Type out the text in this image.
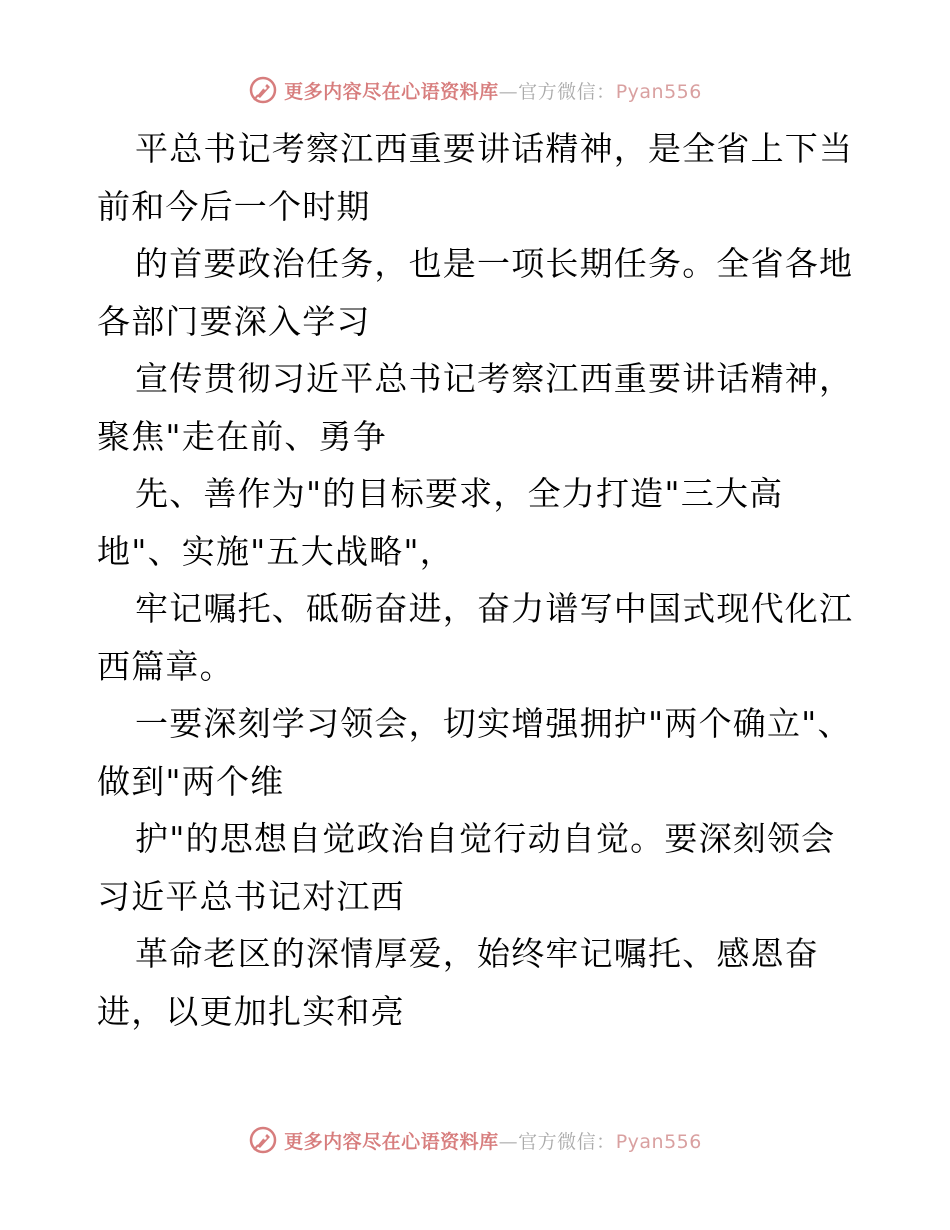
更多内容尽在心语资料库—官方微信：Pyan556
平总书记考察江西重要讲话精神，是全省上下当
前和今后一个时期
的首要政治任务，也是一项长期任务。全省各地
各部门要深入学习
宣传贯彻习近平总书记考察江西重要讲话精神，
聚焦"走在前、勇争
先、善作为"的目标要求，全力打造"三大高
地"、实施"五大战略"，
牢记嘱托、砥砺奋进，奋力谱写中国式现代化江
西篇章。
一要深刻学习领会，切实增强拥护"两个确立"、
做到"两个维
护"的思想自觉政治自觉行动自觉。要深刻领会
习近平总书记对江西
革命老区的深情厚爱，始终牢记嘱托、感恩奋
进，以更加扎实和亮
更多内容尽在心语资料库—官方微信：Pyan556
